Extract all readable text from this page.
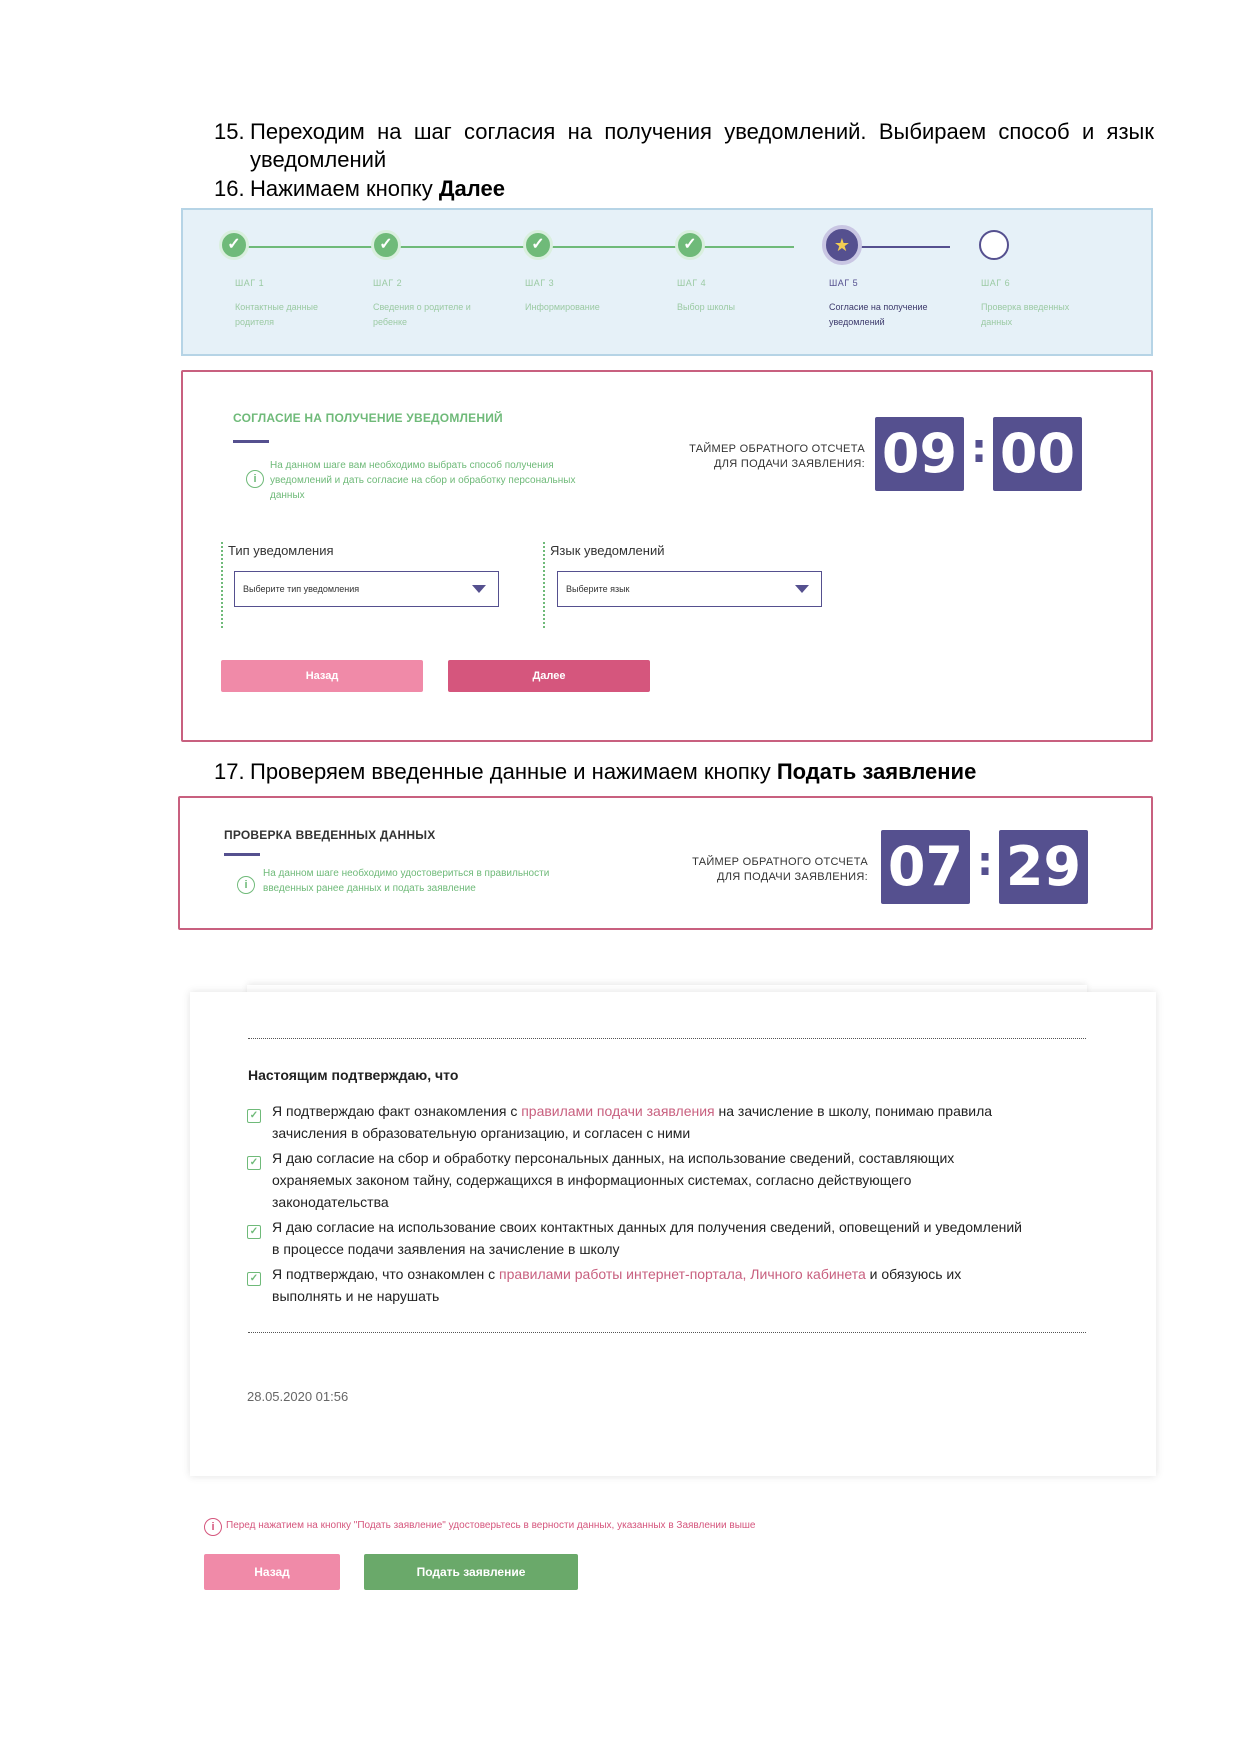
15. Переходим на шаг согласия на получения уведомлений. Выбираем способ и язык
уведомлений
16. Нажимаем кнопку Далее
✓	✓	✓	✓	★
ШАГ 1
Контактные данные родителя
ШАГ 2
Сведения о родителе и ребенке
ШАГ 3
Информирование
ШАГ 4
Выбор школы
ШАГ 5
Согласие на получение уведомлений
ШАГ 6
Проверка введенных данных
СОГЛАСИЕ НА ПОЛУЧЕНИЕ УВЕДОМЛЕНИЙ
i
На данном шаге вам необходимо выбрать способ получения
уведомлений и дать согласие на сбор и обработку персональных
данных
ТАЙМЕР ОБРАТНОГО ОТСЧЕТА
ДЛЯ ПОДАЧИ ЗАЯВЛЕНИЯ: 09 : 00
Тип уведомления
Выберите тип уведомления
Язык уведомлений
Выберите язык
Назад	Далее
17. Проверяем введенные данные и нажимаем кнопку Подать заявление
ПРОВЕРКА ВВЕДЕННЫХ ДАННЫХ
i
На данном шаге необходимо удостовериться в правильности
введенных ранее данных и подать заявление
ТАЙМЕР ОБРАТНОГО ОТСЧЕТА
ДЛЯ ПОДАЧИ ЗАЯВЛЕНИЯ: 07 : 29
Настоящим подтверждаю, что
✓ Я подтверждаю факт ознакомления с правилами подачи заявления на зачисление в школу, понимаю правила
зачисления в образовательную организацию, и согласен с ними
✓ Я даю согласие на сбор и обработку персональных данных, на использование сведений, составляющих
охраняемых законом тайну, содержащихся в информационных системах, согласно действующего
законодательства
✓ Я даю согласие на использование своих контактных данных для получения сведений, оповещений и уведомлений
в процессе подачи заявления на зачисление в школу
✓ Я подтверждаю, что ознакомлен с правилами работы интернет-портала, Личного кабинета и обязуюсь их
выполнять и не нарушать
28.05.2020 01:56
i	Перед нажатием на кнопку "Подать заявление" удостоверьтесь в верности данных, указанных в Заявлении выше
Назад	Подать заявление
